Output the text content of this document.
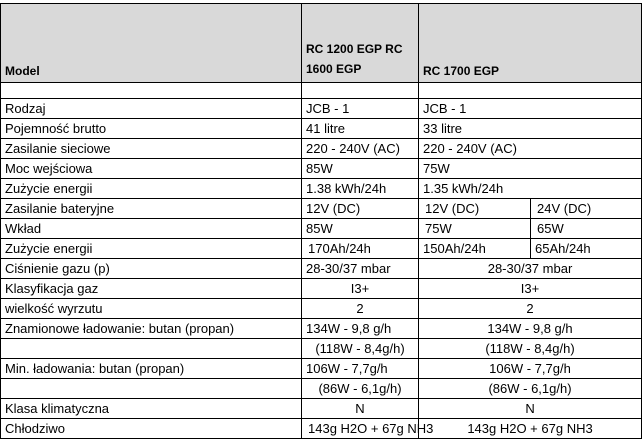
Model	RC 1200 EGP RC 1600 EGP	RC 1700 EGP	

Rodzaj	JCB - 1	JCB - 1	
Pojemność brutto	41 litre	33 litre	
Zasilanie sieciowe	220 - 240V (AC)	220 - 240V (AC)	
Moc wejściowa	85W	75W	
Zużycie energii	1.38 kWh/24h	1.35 kWh/24h	
Zasilanie bateryjne	12V (DC)	12V (DC)	24V (DC)
Wkład	85W	75W	65W
Zużycie energii	170Ah/24h	150Ah/24h	65Ah/24h
Ciśnienie gazu (p)	28-30/37 mbar	28-30/37 mbar	
Klasyfikacja gaz	I3+	I3+	
wielkość wyrzutu	2	2	
Znamionowe ładowanie: butan (propan)	134W - 9,8 g/h	134W - 9,8 g/h	
	(118W - 8,4g/h)	(118W - 8,4g/h)	
Min. ładowania: butan (propan)	106W - 7,7g/h	106W - 7,7g/h	
	(86W - 6,1g/h)	(86W - 6,1g/h)	
Klasa klimatyczna	N	N	
Chłodziwo	143g H2O + 67g NH3	143g H2O + 67g NH3	
